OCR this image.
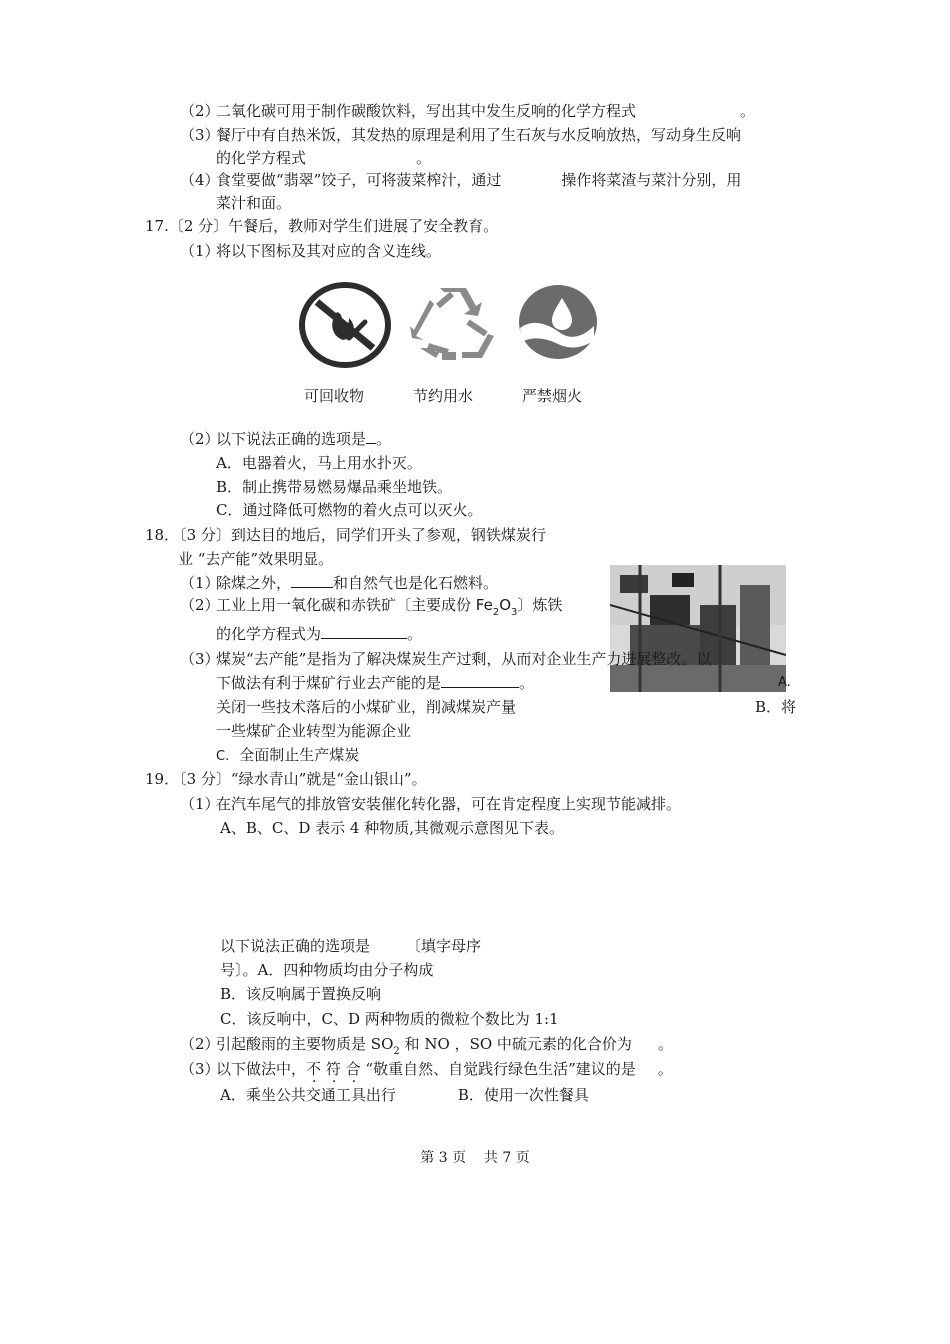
（2）二氧化碳可用于制作碳酸饮料，写出其中发生反响的化学方程式	。
（3）餐厅中有自热米饭，其发热的原理是利用了生石灰与水反响放热，写动身生反响
的化学方程式	。
（4）食堂要做“翡翠”饺子，可将菠菜榨汁，通过	操作将菜渣与菜汁分别，用
菜汁和面。
17.〔2 分〕午餐后，教师对学生们进展了安全教育。
（1）将以下图标及其对应的含义连线。
可回收物	节约用水	严禁烟火
（2）以下说法正确的选项是 。
A．电器着火，马上用水扑灭。
B．制止携带易燃易爆品乘坐地铁。
C．通过降低可燃物的着火点可以灭火。
18．〔3 分〕到达目的地后，同学们开头了参观，钢铁煤炭行
业 “去产能”效果明显。
（1）除煤之外，	和自然气也是化石燃料。
（2）工业上用一氧化碳和赤铁矿〔主要成份 $Fe_2O_3$〕炼铁
的化学方程式为	。
（3）煤炭“去产能”是指为了解决煤炭生产过剩，从而对企业生产力进展整改。以
下做法有利于煤矿行业去产能的是	。	A.
关闭一些技术落后的小煤矿业，削减煤炭产量	B．将
一些煤矿企业转型为能源企业
C. 全面制止生产煤炭
19．〔3 分〕“绿水青山”就是“金山银山”。
（1）在汽车尾气的排放管安装催化转化器，可在肯定程度上实现节能减排。
A、B、C、D 表示 4 种物质,其微观示意图见下表。
以下说法正确的选项是 〔填字母序
号〕。A．四种物质均由分子构成
B．该反响属于置换反响
C．该反响中，C、D 两种物质的微粒个数比为 1:1
（2）引起酸雨的主要物质是 $SO_2$ 和 NO ，SO 中硫元素的化合价为 。
（3）以下做法中，不 符 合 “敬重自然、自觉践行绿色生活”建议的是 。
A．乘坐公共交通工具出行	B．使用一次性餐具
第 3 页 共 7 页
